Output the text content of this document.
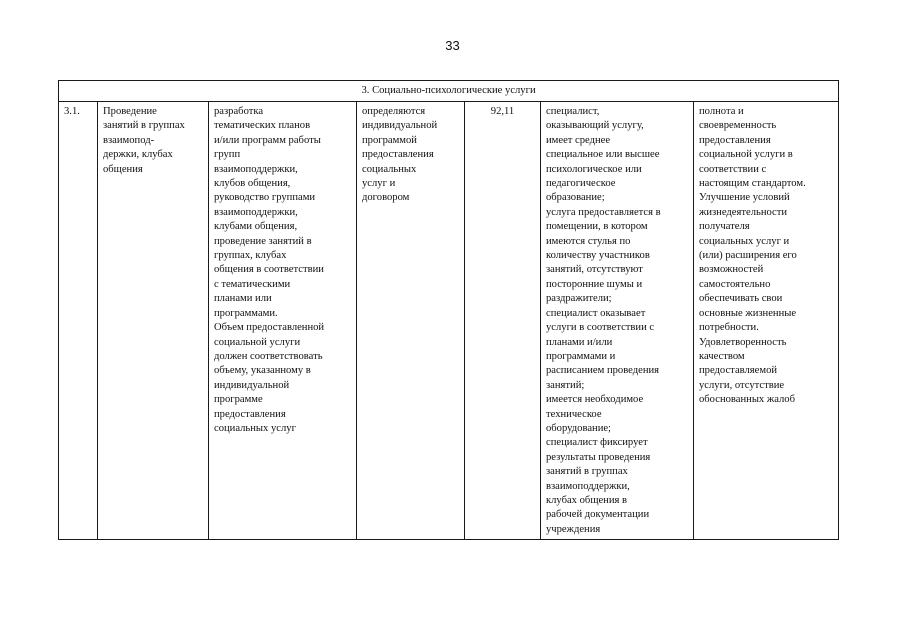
33
3. Социально-психологические услуги
3.1.	Проведение
занятий в группах
взаимопод-
держки, клубах
общения	разработка
тематических планов
и/или программ работы
групп
взаимоподдержки,
клубов общения,
руководство группами
взаимоподдержки,
клубами общения,
проведение занятий в
группах, клубах
общения в соответствии
с тематическими
планами или
программами.
Объем предоставленной
социальной услуги
должен соответствовать
объему, указанному в
индивидуальной
программе
предоставления
социальных услуг	определяются
индивидуальной
программой
предоставления
социальных
услуг и
договором	92,11	специалист,
оказывающий услугу,
имеет среднее
специальное или высшее
психологическое или
педагогическое
образование;
услуга предоставляется в
помещении, в котором
имеются стулья по
количеству участников
занятий, отсутствуют
посторонние шумы и
раздражители;
специалист оказывает
услуги в соответствии с
планами и/или
программами и
расписанием проведения
занятий;
имеется необходимое
техническое
оборудование;
специалист фиксирует
результаты проведения
занятий в группах
взаимоподдержки,
клубах общения в
рабочей документации
учреждения	полнота и
своевременность
предоставления
социальной услуги в
соответствии с
настоящим стандартом.
Улучшение условий
жизнедеятельности
получателя
социальных услуг и
(или) расширения его
возможностей
самостоятельно
обеспечивать свои
основные жизненные
потребности.
Удовлетворенность
качеством
предоставляемой
услуги, отсутствие
обоснованных жалоб
